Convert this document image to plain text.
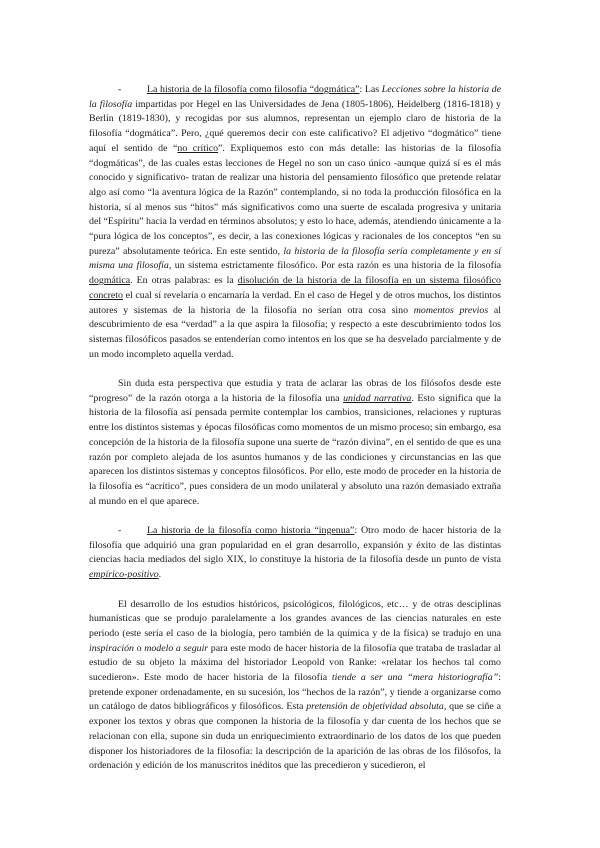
-	La historia de la filosofía como filosofía “dogmática”: Las Lecciones sobre la historia de la filosofía impartidas por Hegel en las Universidades de Jena (1805-1806), Heidelberg (1816-1818) y Berlín (1819-1830), y recogidas por sus alumnos, representan un ejemplo claro de historia de la filosofía “dogmática”. Pero, ¿qué queremos decir con este calificativo? El adjetivo “dogmático” tiene aquí el sentido de “no crítico”. Expliquemos esto con más detalle: las historias de la filosofía “dogmáticas”, de las cuales estas lecciones de Hegel no son un caso único -aunque quizá sí es el más conocido y significativo- tratan de realizar una historia del pensamiento filosófico que pretende relatar algo así como “la aventura lógica de la Razón” contemplando, si no toda la producción filosófica en la historia, sí al menos sus “hitos” más significativos como una suerte de escalada progresiva y unitaria del “Espíritu” hacia la verdad en términos absolutos; y esto lo hace, además, atendiendo únicamente a la “pura lógica de los conceptos”, es decir, a las conexiones lógicas y racionales de los conceptos “en su pureza” absolutamente teórica. En este sentido, la historia de la filosofía sería completamente y en sí misma una filosofía, un sistema estrictamente filosófico. Por esta razón es una historia de la filosofía dogmática. En otras palabras: es la disolución de la historia de la filosofía en un sistema filosófico concreto el cual sí revelaría o encarnaría la verdad. En el caso de Hegel y de otros muchos, los distintos autores y sistemas de la historia de la filosofía no serían otra cosa sino momentos previos al descubrimiento de esa “verdad” a la que aspira la filosofía; y respecto a este descubrimiento todos los sistemas filosóficos pasados se entenderían como intentos en los que se ha desvelado parcialmente y de un modo incompleto aquella verdad.

Sin duda esta perspectiva que estudia y trata de aclarar las obras de los filósofos desde este “progreso” de la razón otorga a la historia de la filosofía una unidad narrativa. Esto significa que la historia de la filosofía así pensada permite contemplar los cambios, transiciones, relaciones y rupturas entre los distintos sistemas y épocas filosóficas como momentos de un mismo proceso; sin embargo, esa concepción de la historia de la filosofía supone una suerte de “razón divina”, en el sentido de que es una razón por completo alejada de los asuntos humanos y de las condiciones y circunstancias en las que aparecen los distintos sistemas y conceptos filosóficos. Por ello, este modo de proceder en la historia de la filosofía es “acrítico”, pues considera de un modo unilateral y absoluto una razón demasiado extraña al mundo en el que aparece.

-	La historia de la filosofía como historia “ingenua”: Otro modo de hacer historia de la filosofía que adquirió una gran popularidad en el gran desarrollo, expansión y éxito de las distintas ciencias hacia mediados del siglo XIX, lo constituye la historia de la filosofía desde un punto de vista empírico-positivo.

El desarrollo de los estudios históricos, psicológicos, filológicos, etc… y de otras desciplinas humanísticas que se produjo paralelamente a los grandes avances de las ciencias naturales en este periodo (este sería el caso de la biología, pero también de la química y de la física) se tradujo en una inspiración o modelo a seguir para este modo de hacer historia de la filosofía que trataba de trasladar al estudio de su objeto la máxima del historiador Leopold von Ranke: «relatar los hechos tal como sucedieron». Este modo de hacer historia de la filosofía tiende a ser una “mera historiografía”: pretende exponer ordenadamente, en su sucesión, los “hechos de la razón”, y tiende a organizarse como un catálogo de datos bibliográficos y filosóficos. Esta pretensión de objetividad absoluta, que se ciñe a exponer los textos y obras que componen la historia de la filosofía y dar cuenta de los hechos que se relacionan con ella, supone sin duda un enriquecimiento extraordinario de los datos de los que pueden disponer los historiadores de la filosofía: la descripción de la aparición de las obras de los filósofos, la ordenación y edición de los manuscritos inéditos que las precedieron y sucedieron, el
